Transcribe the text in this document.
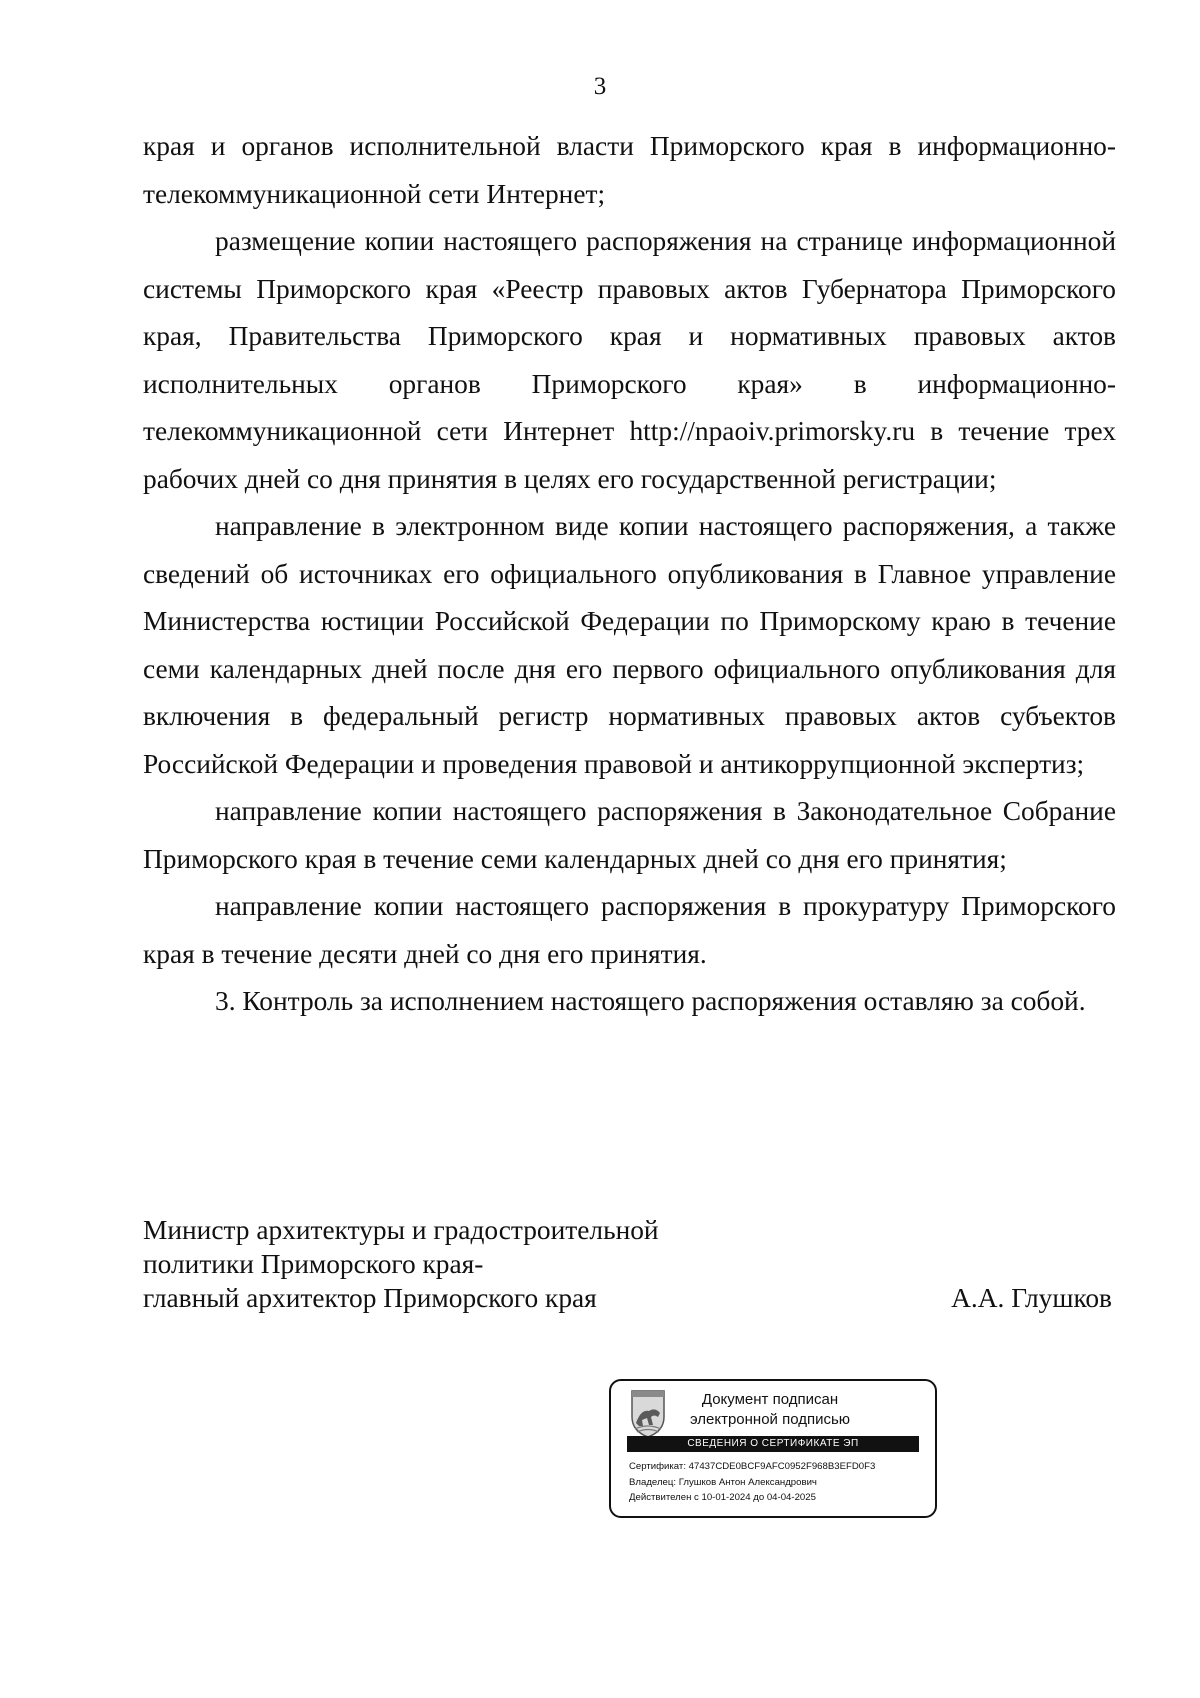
3

края и органов исполнительной власти Приморского края в информационно-телекоммуникационной сети Интернет;

размещение копии настоящего распоряжения на странице информационной системы Приморского края «Реестр правовых актов Губернатора Приморского края, Правительства Приморского края и нормативных правовых актов исполнительных органов Приморского края» в информационно-телекоммуникационной сети Интернет http://npaoiv.primorsky.ru в течение трех рабочих дней со дня принятия в целях его государственной регистрации;

направление в электронном виде копии настоящего распоряжения, а также сведений об источниках его официального опубликования в Главное управление Министерства юстиции Российской Федерации по Приморскому краю в течение семи календарных дней после дня его первого официального опубликования для включения в федеральный регистр нормативных правовых актов субъектов Российской Федерации и проведения правовой и антикоррупционной экспертиз;

направление копии настоящего распоряжения в Законодательное Собрание Приморского края в течение семи календарных дней со дня его принятия;

направление копии настоящего распоряжения в прокуратуру Приморского края в течение десяти дней со дня его принятия.

3. Контроль за исполнением настоящего распоряжения оставляю за собой.

Министр архитектуры и градостроительной
политики Приморского края-
главный архитектор Приморского края	А.А. Глушков
Документ подписан
электронной подписью
СВЕДЕНИЯ О СЕРТИФИКАТЕ ЭП
Сертификат: 47437CDE0BCF9AFC0952F968B3EFD0F3
Владелец: Глушков Антон Александрович
Действителен с 10-01-2024 до 04-04-2025
